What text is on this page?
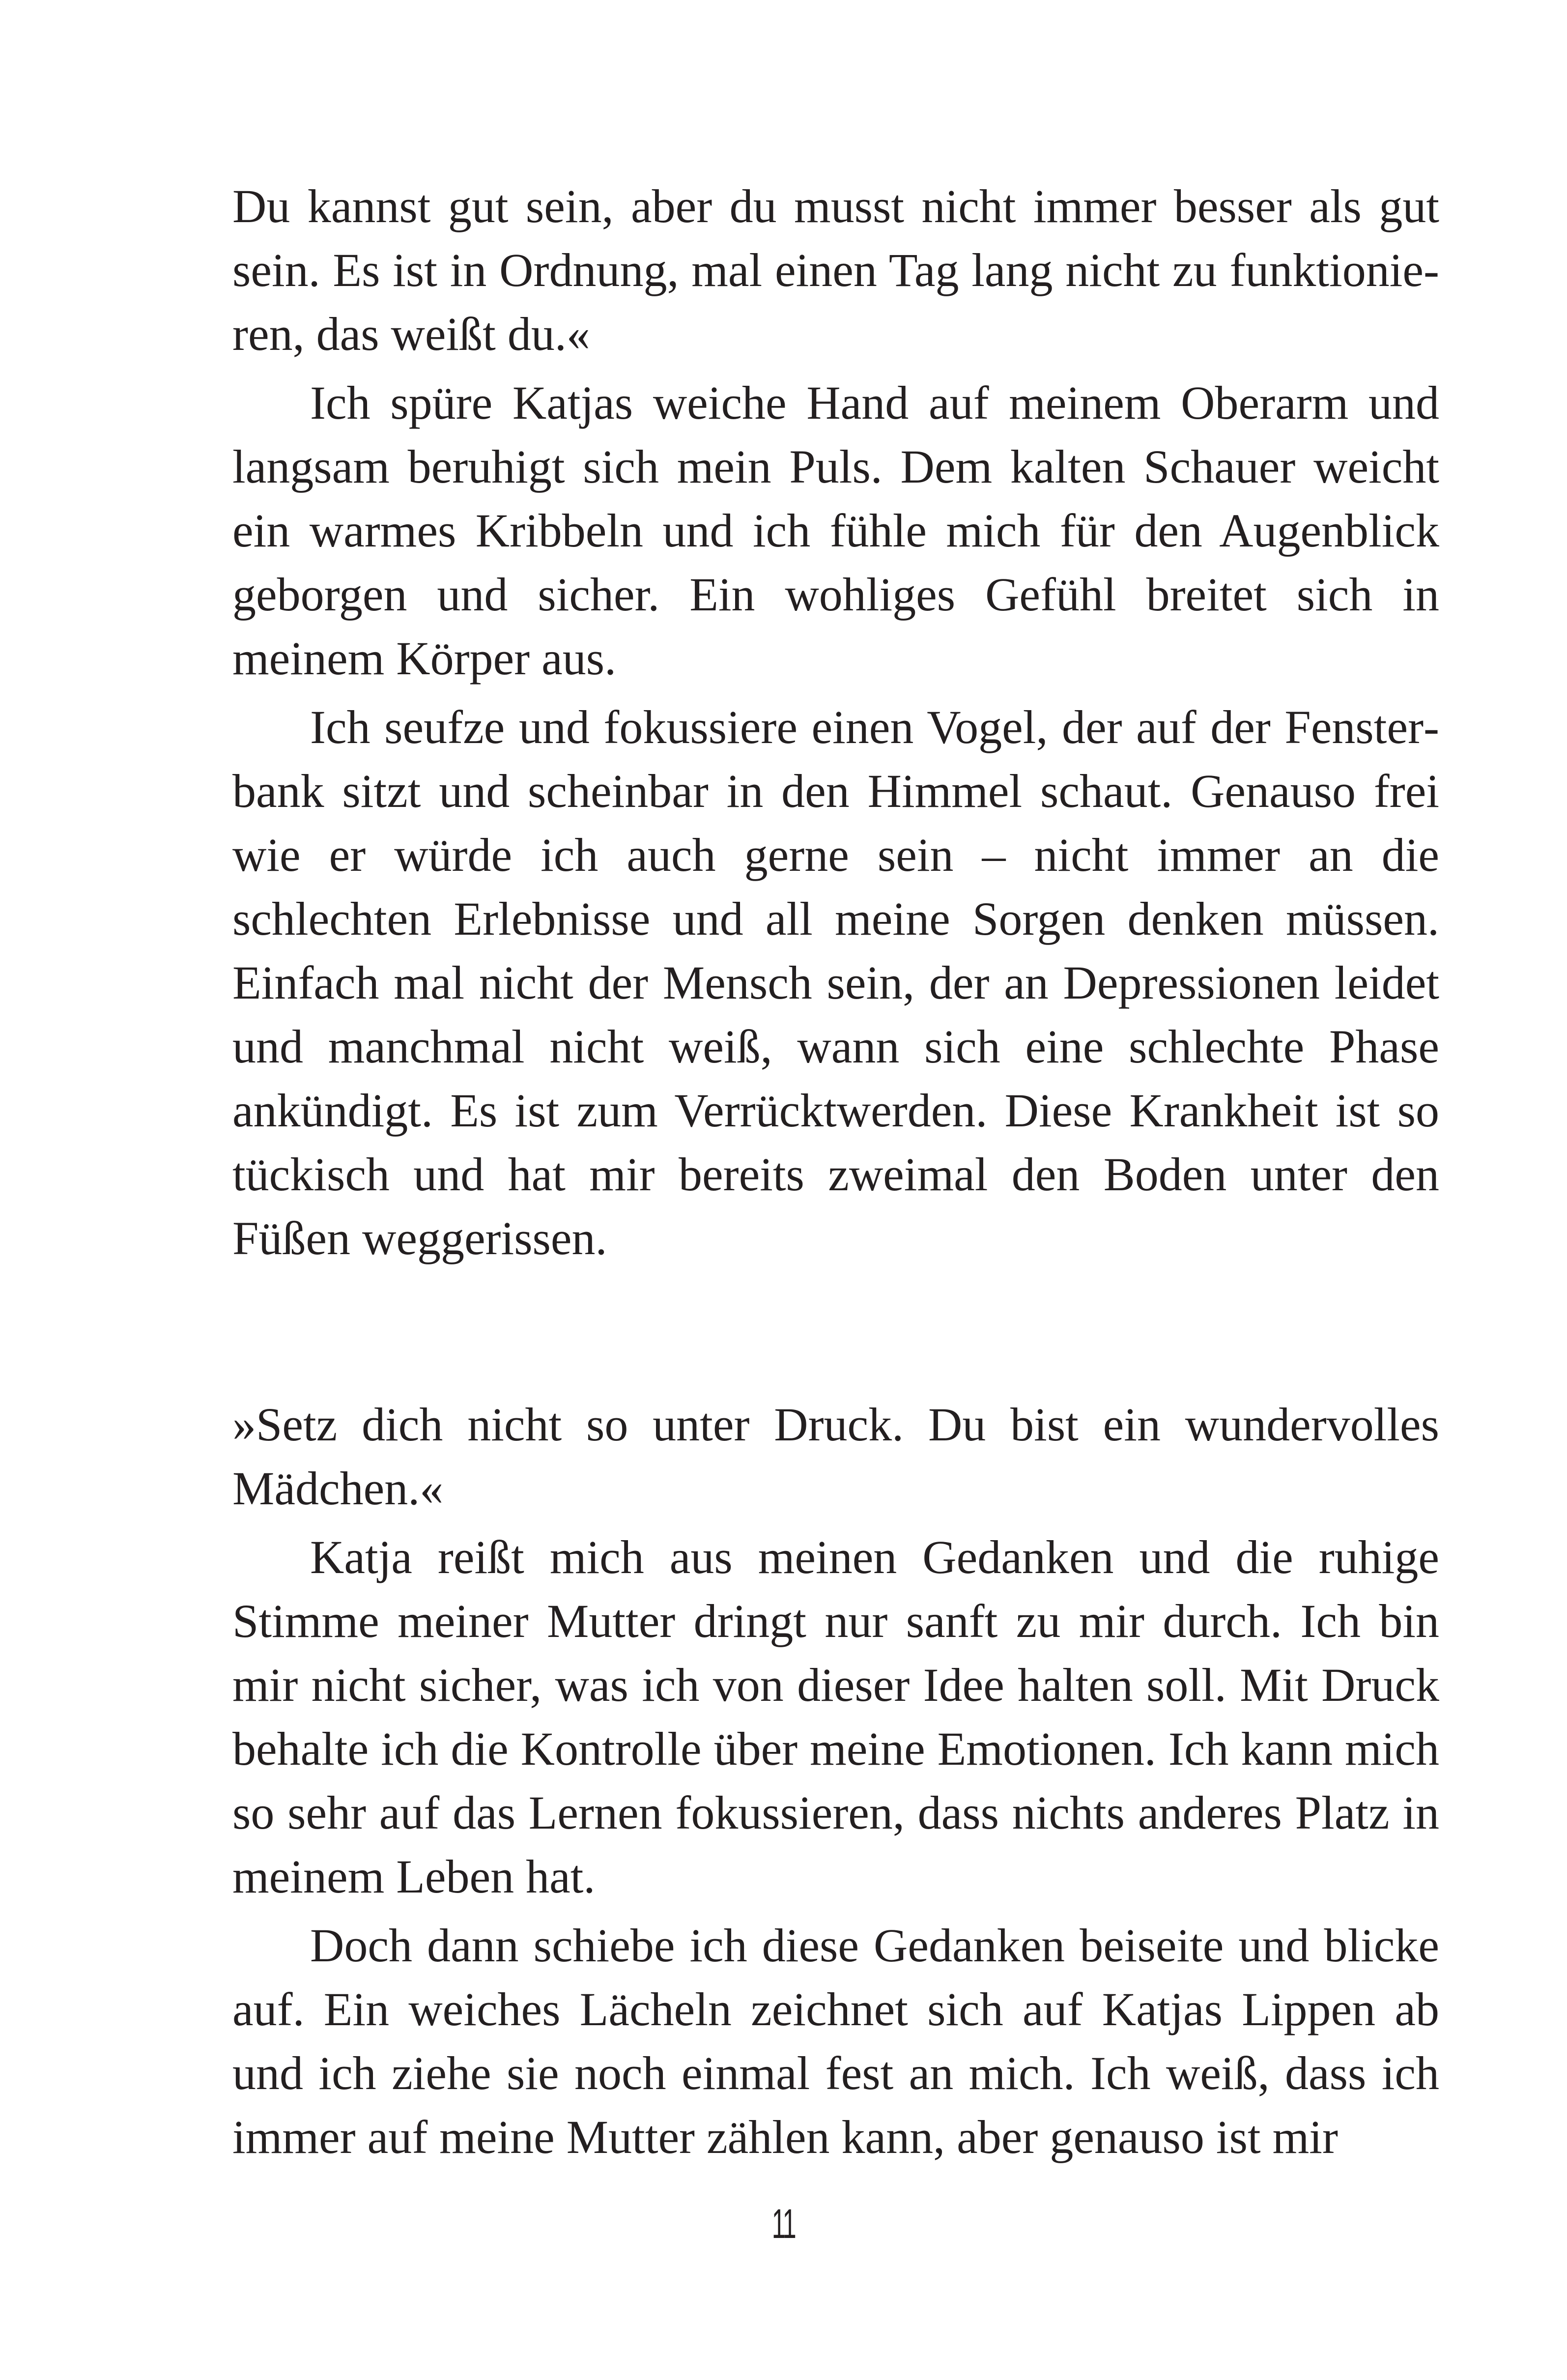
Du kannst gut sein, aber du musst nicht immer besser als gut sein. Es ist in Ordnung, mal einen Tag lang nicht zu funktionieren, das weißt du.«

Ich spüre Katjas weiche Hand auf meinem Oberarm und langsam beruhigt sich mein Puls. Dem kalten Schauer weicht ein warmes Kribbeln und ich fühle mich für den Augenblick geborgen und sicher. Ein wohliges Gefühl breitet sich in meinem Körper aus.

Ich seufze und fokussiere einen Vogel, der auf der Fensterbank sitzt und scheinbar in den Himmel schaut. Genauso frei wie er würde ich auch gerne sein – nicht immer an die schlechten Erlebnisse und all meine Sorgen denken müssen. Einfach mal nicht der Mensch sein, der an Depressionen leidet und manchmal nicht weiß, wann sich eine schlechte Phase ankündigt. Es ist zum Verrücktwerden. Diese Krankheit ist so tückisch und hat mir bereits zweimal den Boden unter den Füßen weggerissen.

»Setz dich nicht so unter Druck. Du bist ein wundervolles Mädchen.«

Katja reißt mich aus meinen Gedanken und die ruhige Stimme meiner Mutter dringt nur sanft zu mir durch. Ich bin mir nicht sicher, was ich von dieser Idee halten soll. Mit Druck behalte ich die Kontrolle über meine Emotionen. Ich kann mich so sehr auf das Lernen fokussieren, dass nichts anderes Platz in meinem Leben hat.

Doch dann schiebe ich diese Gedanken beiseite und blicke auf. Ein weiches Lächeln zeichnet sich auf Katjas Lippen ab und ich ziehe sie noch einmal fest an mich. Ich weiß, dass ich immer auf meine Mutter zählen kann, aber genauso ist mir

11
